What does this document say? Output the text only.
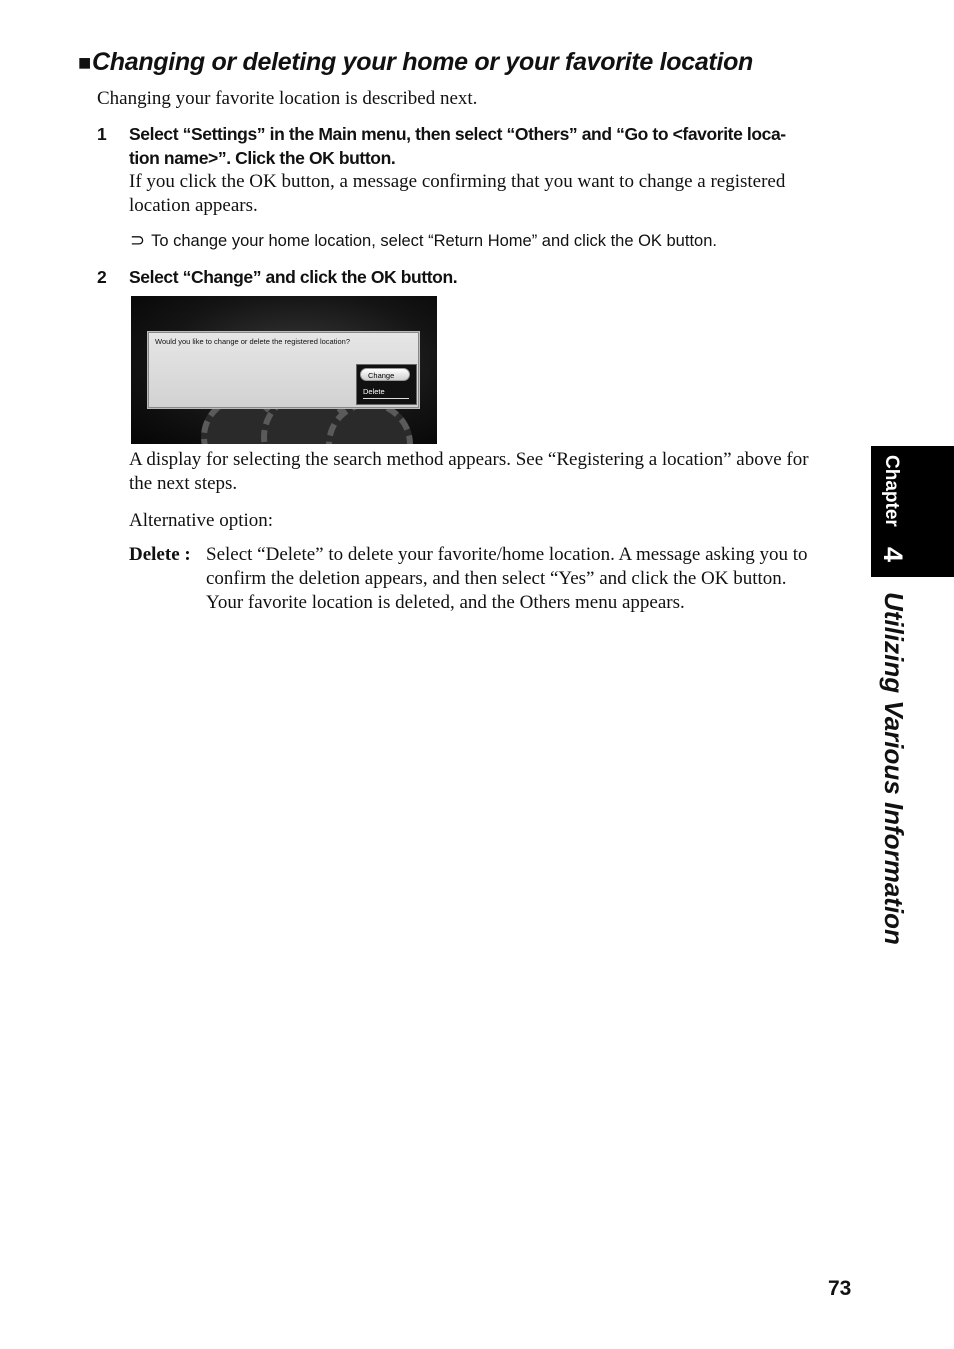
■Changing or deleting your home or your favorite location
Changing your favorite location is described next.
1 Select “Settings” in the Main menu, then select “Others” and “Go to <favorite loca-
tion name>”. Click the OK button.
If you click the OK button, a message confirming that you want to change a registered
location appears.
⊃ To change your home location, select “Return Home” and click the OK button.
2 Select “Change” and click the OK button.
Would you like to change or delete the registered location?
Change
Delete
A display for selecting the search method appears. See “Registering a location” above for
the next steps.
Alternative option:
Delete : Select “Delete” to delete your favorite/home location. A message asking you to
confirm the deletion appears, and then select “Yes” and click the OK button.
Your favorite location is deleted, and the Others menu appears.
Chapter
4
Utilizing Various Information
73
